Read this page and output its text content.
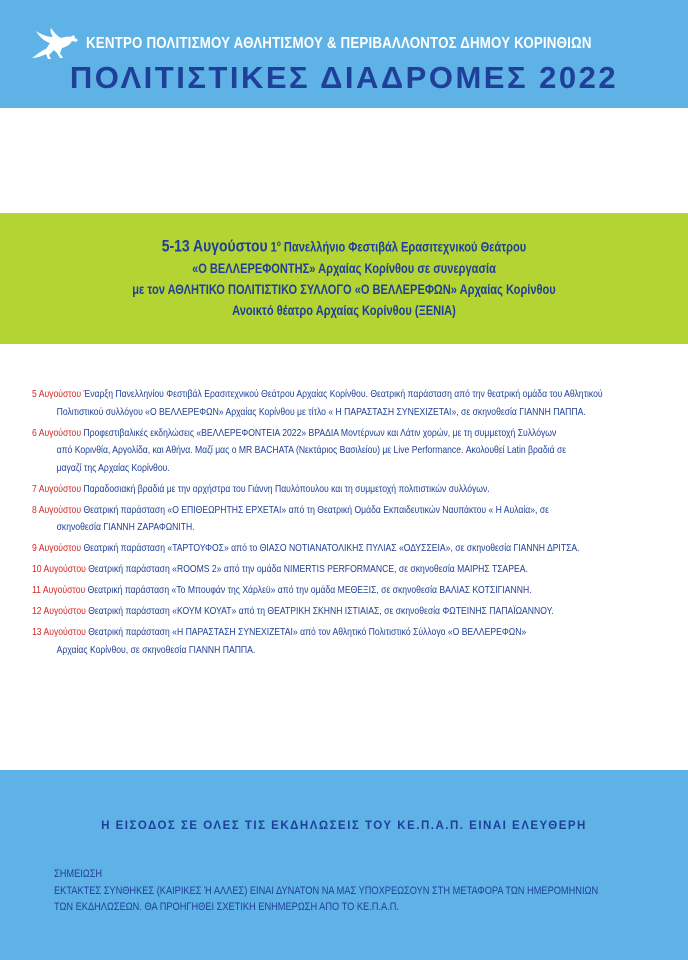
ΚΕΝΤΡΟ ΠΟΛΙΤΙΣΜΟΥ ΑΘΛΗΤΙΣΜΟΥ & ΠΕΡΙΒΑΛΛΟΝΤΟΣ ΔΗΜΟΥ ΚΟΡΙΝΘΙΩΝ
ΠΟΛΙΤΙΣΤΙΚΕΣ ΔΙΑΔΡΟΜΕΣ 2022
5-13 Αυγούστου $1^o$ Πανελλήνιο Φεστιβάλ Ερασιτεχνικού Θεάτρου
«Ο ΒΕΛΛΕΡΕΦΟΝΤΗΣ» Αρχαίας Κορίνθου σε συνεργασία
με τον ΑΘΛΗΤΙΚΟ ΠΟΛΙΤΙΣΤΙΚΟ ΣΥΛΛΟΓΟ «Ο ΒΕΛΛΕΡΕΦΩΝ» Αρχαίας Κορίνθου
Ανοικτό θέατρο Αρχαίας Κορίνθου (ΞΕΝΙΑ)
5 Αυγούστου Έναρξη Πανελληνίου Φεστιβάλ Ερασιτεχνικού Θεάτρου Αρχαίας Κορίνθου. Θεατρική παράσταση από την θεατρική ομάδα του Αθλητικού
Πολιτιστικού συλλόγου «Ο ΒΕΛΛΕΡΕΦΩΝ» Αρχαίας Κορίνθου με τίτλο « Η ΠΑΡΑΣΤΑΣΗ ΣΥΝΕΧΙΖΕΤΑΙ», σε σκηνοθεσία ΓΙΑΝΝΗ ΠΑΠΠΑ.
6 Αυγούστου Προφεστιβαλικές εκδηλώσεις «ΒΕΛΛΕΡΕΦΟΝΤΕΙΑ 2022» ΒΡΑΔΙΑ Μοντέρνων και Λάτιν χορών, με τη συμμετοχή Συλλόγων
από Κορινθία, Αργολίδα, και Αθήνα. Μαζί μας ο MR BACHATA (Νεκτάριος Βασιλείου) με Live Performance. Ακολουθεί Latin βραδιά σε
μαγαζί της Αρχαίας Κορίνθου.
7 Αυγούστου Παραδοσιακή βραδιά με την ορχήστρα του Γιάννη Παυλόπουλου και τη συμμετοχή πολιτιστικών συλλόγων.
8 Αυγούστου Θεατρική παράσταση «Ο ΕΠΙΘΕΩΡΗΤΗΣ ΕΡΧΕΤΑΙ» από τη Θεατρική Ομάδα Εκπαιδευτικών Ναυπάκτου « Η Αυλαία», σε
σκηνοθεσία ΓΙΑΝΝΗ ΖΑΡΑΦΩΝΙΤΗ.
9 Αυγούστου Θεατρική παράσταση «ΤΑΡΤΟΥΦΟΣ» από το ΘΙΑΣΟ ΝΟΤΙΑΝΑΤΟΛΙΚΗΣ ΠΥΛΙΑΣ «ΟΔΥΣΣΕΙΑ», σε σκηνοθεσία ΓΙΑΝΝΗ ΔΡΙΤΣΑ.
10 Αυγούστου Θεατρική παράσταση «ROOMS 2» από την ομάδα NIMERTIS PERFORMANCE, σε σκηνοθεσία ΜΑΙΡΗΣ ΤΣΑΡΕΑ.
11 Αυγούστου Θεατρική παράσταση «Το Μπουφάν της Χάρλεϋ» από την ομάδα ΜΕΘΕΞΙΣ, σε σκηνοθεσία ΒΑΛΙΑΣ ΚΟΤΣΙΓΙΑΝΝΗ.
12 Αυγούστου Θεατρική παράσταση «ΚΟΥΜ ΚΟΥΑΤ» από τη ΘΕΑΤΡΙΚΗ ΣΚΗΝΗ ΙΣΤΙΑΙΑΣ, σε σκηνοθεσία ΦΩΤΕΙΝΗΣ ΠΑΠΑΪΩΑΝΝΟΥ.
13 Αυγούστου Θεατρική παράσταση «Η ΠΑΡΑΣΤΑΣΗ ΣΥΝΕΧΙΖΕΤΑΙ» από τον Αθλητικό Πολιτιστικό Σύλλογο «Ο ΒΕΛΛΕΡΕΦΩΝ»
Αρχαίας Κορίνθου, σε σκηνοθεσία ΓΙΑΝΝΗ ΠΑΠΠΑ.
Η ΕΙΣΟΔΟΣ ΣΕ ΟΛΕΣ ΤΙΣ ΕΚΔΗΛΩΣΕΙΣ ΤΟΥ ΚΕ.Π.Α.Π. ΕΙΝΑΙ ΕΛΕΥΘΕΡΗ
ΣΗΜΕΙΩΣΗ
ΕΚΤΑΚΤΕΣ ΣΥΝΘΗΚΕΣ (ΚΑΙΡΙΚΕΣ Ή ΑΛΛΕΣ) ΕΙΝΑΙ ΔΥΝΑΤΟΝ ΝΑ ΜΑΣ ΥΠΟΧΡΕΩΣΟΥΝ ΣΤΗ ΜΕΤΑΦΟΡΑ ΤΩΝ ΗΜΕΡΟΜΗΝΙΩΝ
ΤΩΝ ΕΚΔΗΛΩΣΕΩΝ. ΘΑ ΠΡΟΗΓΗΘΕΙ ΣΧΕΤΙΚΗ ΕΝΗΜΕΡΩΣΗ ΑΠΟ ΤΟ ΚΕ.Π.Α.Π.
